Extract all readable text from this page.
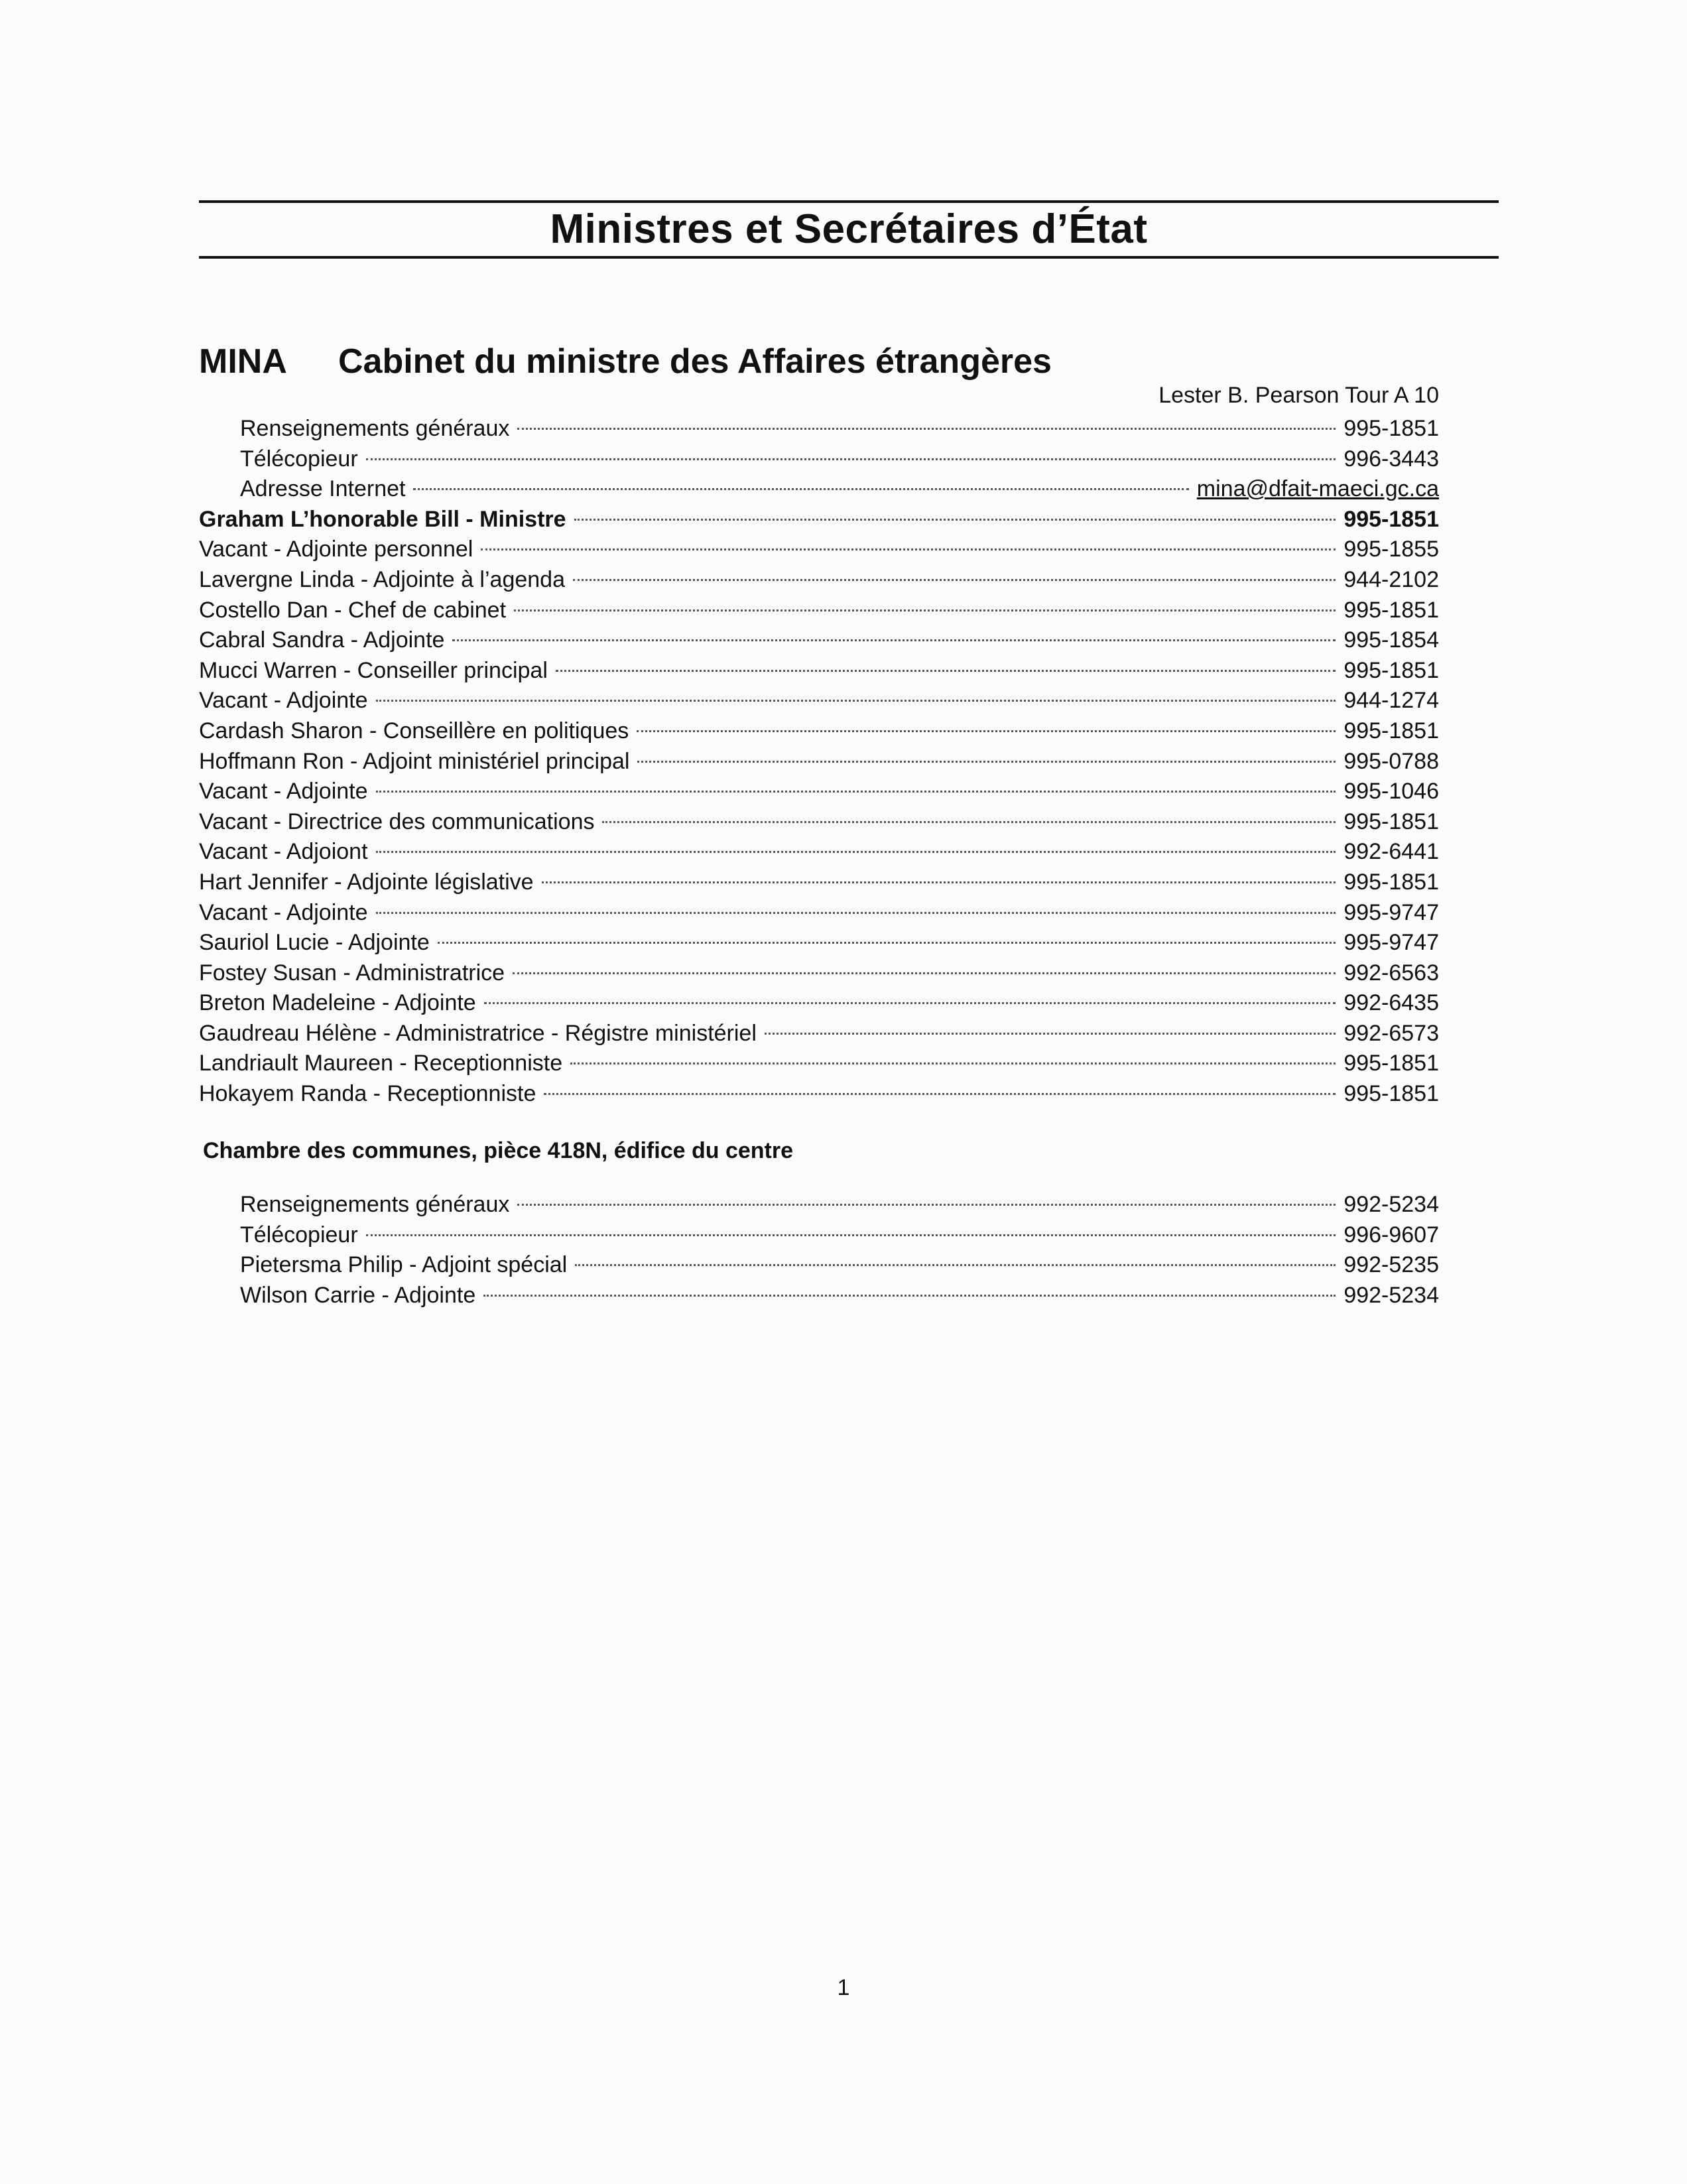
Ministres et Secrétaires d’État
MINA Cabinet du ministre des Affaires étrangères
Lester B. Pearson Tour A 10
Renseignements généraux	995-1851
Télécopieur	996-3443
Adresse Internet	mina@dfait-maeci.gc.ca
Graham L’honorable Bill - Ministre	995-1851
Vacant - Adjointe personnel	995-1855
Lavergne Linda - Adjointe à l’agenda	944-2102
Costello Dan - Chef de cabinet	995-1851
Cabral Sandra - Adjointe	995-1854
Mucci Warren - Conseiller principal	995-1851
Vacant - Adjointe	944-1274
Cardash Sharon - Conseillère en politiques	995-1851
Hoffmann Ron - Adjoint ministériel principal	995-0788
Vacant - Adjointe	995-1046
Vacant - Directrice des communications	995-1851
Vacant - Adjoiont	992-6441
Hart Jennifer - Adjointe législative	995-1851
Vacant - Adjointe	995-9747
Sauriol Lucie - Adjointe	995-9747
Fostey Susan - Administratrice	992-6563
Breton Madeleine - Adjointe	992-6435
Gaudreau Hélène - Administratrice - Régistre ministériel	992-6573
Landriault Maureen - Receptionniste	995-1851
Hokayem Randa - Receptionniste	995-1851
Chambre des communes, pièce 418N, édifice du centre
Renseignements généraux	992-5234
Télécopieur	996-9607
Pietersma Philip - Adjoint spécial	992-5235
Wilson Carrie - Adjointe	992-5234
1
